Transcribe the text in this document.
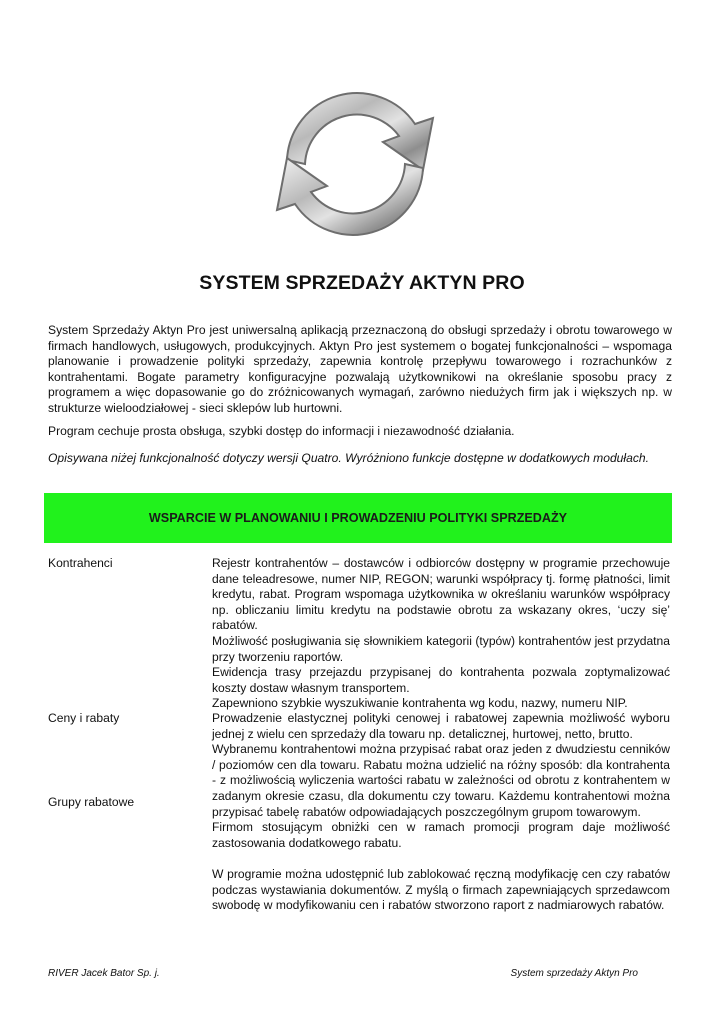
SYSTEM SPRZEDAŻY AKTYN PRO

System Sprzedaży Aktyn Pro jest uniwersalną aplikacją przeznaczoną do obsługi sprzedaży i obrotu towarowego w firmach handlowych, usługowych, produkcyjnych. Aktyn Pro jest systemem o bogatej funkcjonalności – wspomaga planowanie i prowadzenie polityki sprzedaży, zapewnia kontrolę przepływu towarowego i rozrachunków z kontrahentami. Bogate parametry konfiguracyjne pozwalają użytkownikowi na określanie sposobu pracy z programem a więc dopasowanie go do zróżnicowanych wymagań, zarówno niedużych firm jak i większych np. w strukturze wieloodziałowej - sieci sklepów lub hurtowni.

Program cechuje prosta obsługa, szybki dostęp do informacji i niezawodność działania.

Opisywana niżej funkcjonalność dotyczy wersji Quatro. Wyróżniono funkcje dostępne w dodatkowych modułach.

WSPARCIE W PLANOWANIU I PROWADZENIU POLITYKI SPRZEDAŻY
Kontrahenci	Rejestr kontrahentów – dostawców i odbiorców dostępny w programie przechowuje dane teleadresowe, numer NIP, REGON; warunki współpracy tj. formę płatności, limit kredytu, rabat. Program wspomaga użytkownika w określaniu warunków współpracy np. obliczaniu limitu kredytu na podstawie obrotu za wskazany okres, ‘uczy się’ rabatów.

Możliwość posługiwania się słownikiem kategorii (typów) kontrahentów jest przydatna przy tworzeniu raportów.

Ewidencja trasy przejazdu przypisanej do kontrahenta pozwala zoptymalizować koszty dostaw własnym transportem.

Zapewniono szybkie wyszukiwanie kontrahenta wg kodu, nazwy, numeru NIP.

Ceny i rabaty
Grupy rabatowe

Prowadzenie elastycznej polityki cenowej i rabatowej zapewnia możliwość wyboru jednej z wielu cen sprzedaży dla towaru np. detalicznej, hurtowej, netto, brutto.

Wybranemu kontrahentowi można przypisać rabat oraz jeden z dwudziestu cenników / poziomów cen dla towaru. Rabatu można udzielić na różny sposób: dla kontrahenta - z możliwością wyliczenia wartości rabatu w zależności od obrotu z kontrahentem w zadanym okresie czasu, dla dokumentu czy towaru. Każdemu kontrahentowi można przypisać tabelę rabatów odpowiadających poszczególnym grupom towarowym.

Firmom stosującym obniżki cen w ramach promocji program daje możliwość zastosowania dodatkowego rabatu.

W programie można udostępnić lub zablokować ręczną modyfikację cen czy rabatów podczas wystawiania dokumentów. Z myślą o firmach zapewniających sprzedawcom swobodę w modyfikowaniu cen i rabatów stworzono raport z nadmiarowych rabatów.

RIVER Jacek Bator Sp. j.	System sprzedaży Aktyn Pro
